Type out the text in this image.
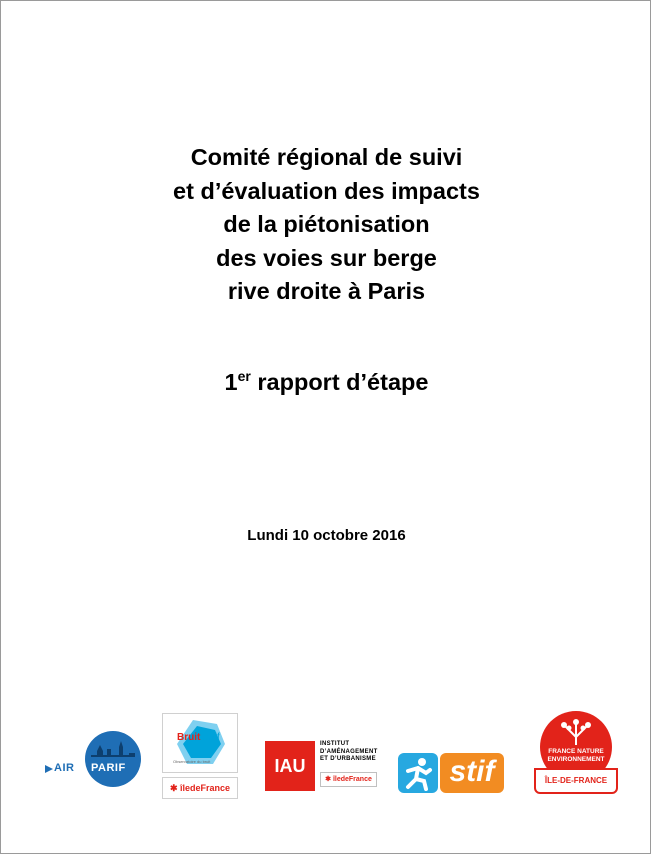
Comité régional de suivi
et d’évaluation des impacts
de la piétonisation
des voies sur berge
rive droite à Paris
1er rapport d’étape
Lundi 10 octobre 2016
AIR PARIF
Bruitparif
Observatoire du bruit
✱ îledeFrance
IAU
INSTITUT
D’AMÉNAGEMENT
ET D’URBANISME
✱ îledeFrance	stif
FRANCE NATURE
ENVIRONNEMENT
ÎLE-DE-FRANCE
